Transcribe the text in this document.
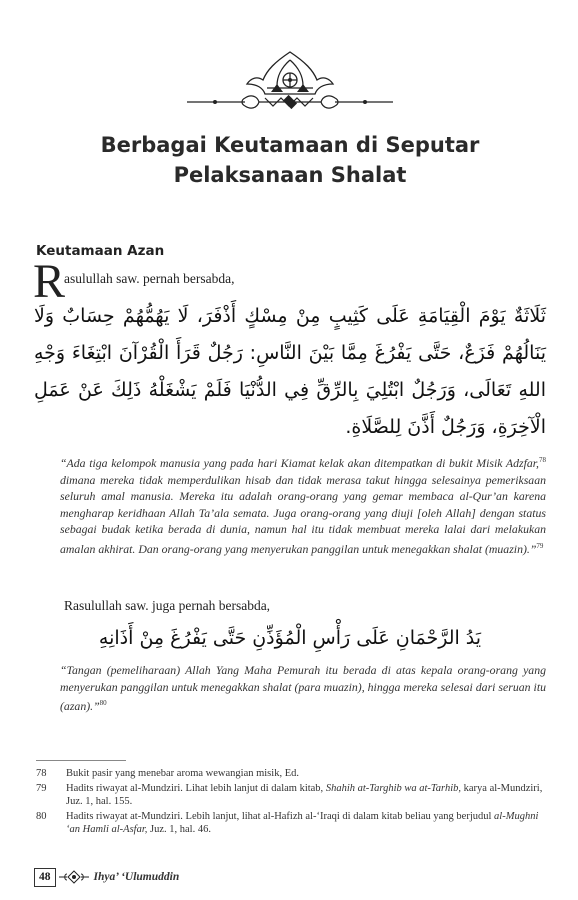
Berbagai Keutamaan di Seputar
Pelaksanaan Shalat
Keutamaan Azan
R

asulullah saw. pernah bersabda,

ثَلَاثَةٌ يَوْمَ الْقِيَامَةِ عَلَى كَثِيبٍ مِنْ مِسْكٍ أَذْفَرَ، لَا يَهُمُّهُمْ حِسَابٌ وَلَا يَنَالُهُمْ فَزَعٌ، حَتَّى يَفْرُغَ مِمَّا بَيْنَ النَّاسِ: رَجُلٌ قَرَأَ الْقُرْآنَ ابْتِغَاءَ وَجْهِ اللهِ تَعَالَى، وَرَجُلٌ ابْتُلِيَ بِالرِّقِّ فِي الدُّنْيَا فَلَمْ يَشْغَلْهُ ذَلِكَ عَنْ عَمَلِ الْآخِرَةِ، وَرَجُلٌ أَذَّنَ لِلصَّلَاةِ.

“Ada tiga kelompok manusia yang pada hari Kiamat kelak akan ditempatkan di bukit Misik Adzfar,$^{78}$ dimana mereka tidak memperdulikan hisab dan tidak merasa takut hingga selesainya pemeriksaan seluruh amal manusia. Mereka itu adalah orang-orang yang gemar membaca al-Qur’an karena mengharap keridhaan Allah Ta’ala semata. Juga orang-orang yang diuji [oleh Allah] dengan status sebagai budak ketika berada di dunia, namun hal itu tidak membuat mereka lalai dari melakukan amalan akhirat. Dan orang-orang yang menyerukan panggilan untuk menegakkan shalat (muazin).”$^{79}$

Rasulullah saw. juga pernah bersabda,

يَدُ الرَّحْمَانِ عَلَى رَأْسِ الْمُؤَذِّنِ حَتَّى يَفْرُغَ مِنْ أَذَانِهِ

“Tangan (pemeliharaan) Allah Yang Maha Pemurah itu berada di atas kepala orang-orang yang menyerukan panggilan untuk menegakkan shalat (para muazin), hingga mereka selesai dari seruan itu (azan).”$^{80}$

78	Bukit pasir yang menebar aroma wewangian misik, Ed.
79	Hadits riwayat al-Mundziri. Lihat lebih lanjut di dalam kitab, Shahih at-Targhib wa at-Tarhib, karya al-Mundziri, Juz. 1, hal. 155.
80	Hadits riwayat at-Mundziri. Lebih lanjut, lihat al-Hafizh al-‘Iraqi di dalam kitab beliau yang berjudul al-Mughni ‘an Hamli al-Asfar, Juz. 1, hal. 46.
48	Ihya’ ‘Ulumuddin
